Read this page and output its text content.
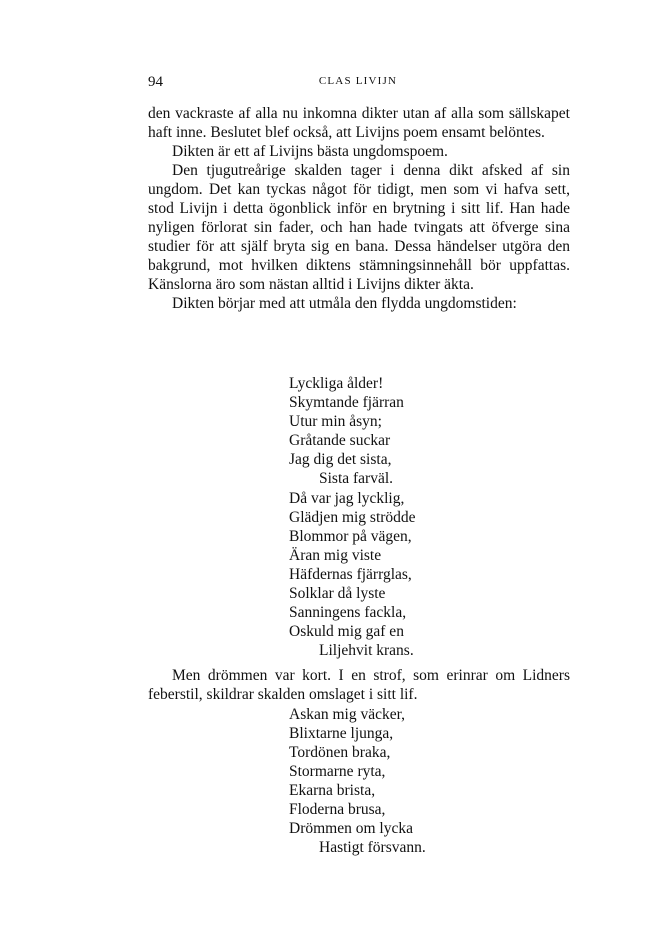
94	CLAS LIVIJN

den vackraste af alla nu inkomna dikter utan af alla som sällskapet haft inne. Beslutet blef också, att Livijns poem ensamt belöntes.

Dikten är ett af Livijns bästa ungdomspoem.

Den tjugutreårige skalden tager i denna dikt afsked af sin ungdom. Det kan tyckas något för tidigt, men som vi hafva sett, stod Livijn i detta ögonblick inför en brytning i sitt lif. Han hade nyligen förlorat sin fader, och han hade tvingats att öfverge sina studier för att själf bryta sig en bana. Dessa händelser utgöra den bakgrund, mot hvilken diktens stämningsinnehåll bör uppfattas. Känslorna äro som nästan alltid i Livijns dikter äkta.

Dikten börjar med att utmåla den flydda ungdomstiden:

Lyckliga ålder!
Skymtande fjärran
Utur min åsyn;
Gråtande suckar
Jag dig det sista,
Sista farväl.
Då var jag lycklig,
Glädjen mig strödde
Blommor på vägen,
Äran mig viste
Häfdernas fjärrglas,
Solklar då lyste
Sanningens fackla,
Oskuld mig gaf en
Liljehvit krans.

Men drömmen var kort. I en strof, som erinrar om Lidners feberstil, skildrar skalden omslaget i sitt lif.

Askan mig väcker,
Blixtarne ljunga,
Tordönen braka,
Stormarne ryta,
Ekarna brista,
Floderna brusa,
Drömmen om lycka
Hastigt försvann.
